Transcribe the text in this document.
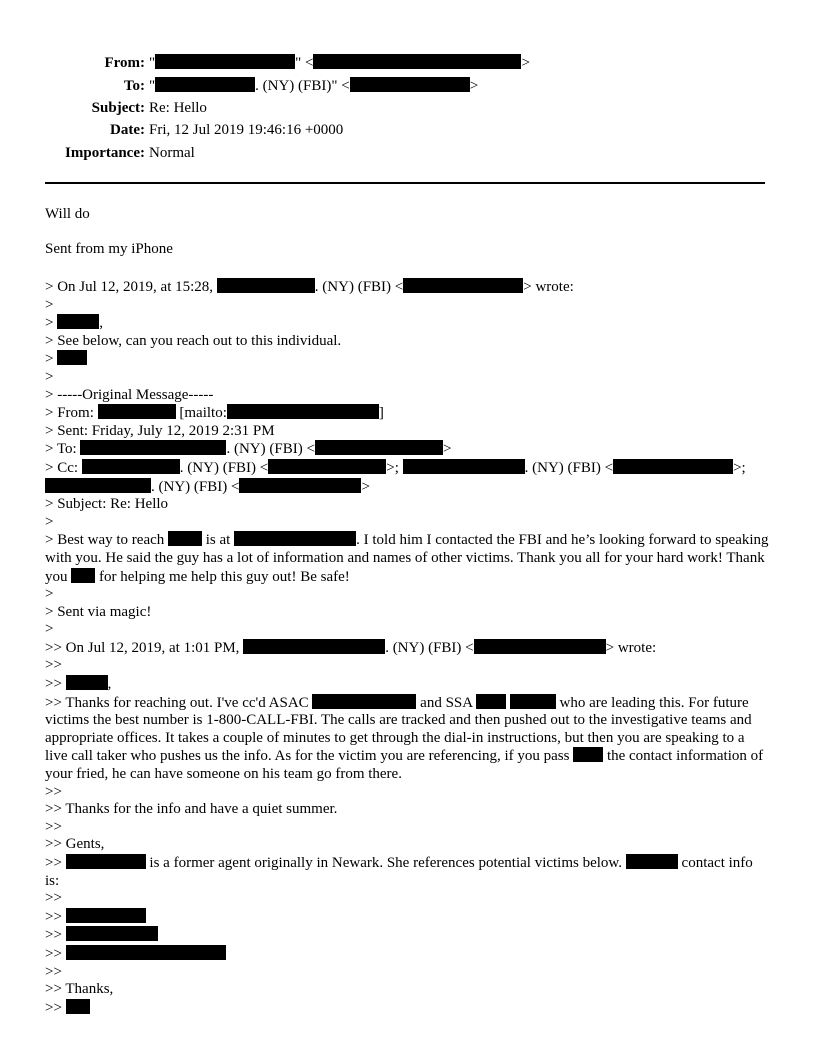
From: "	" <	>
To: "	. (NY) (FBI)" <	>
Subject: Re: Hello
Date: Fri, 12 Jul 2019 19:46:16 +0000
Importance: Normal
Will do
Sent from my iPhone
> On Jul 12, 2019, at 15:28,	. (NY) (FBI) <	> wrote:
>
>	,
> See below, can you reach out to this individual.
>
>
> -----Original Message-----
> From:	[mailto:	]
> Sent: Friday, July 12, 2019 2:31 PM
> To:	. (NY) (FBI) <	>
> Cc:	. (NY) (FBI) <	>;	. (NY) (FBI) <	>;
. (NY) (FBI) <	>
> Subject: Re: Hello
>
> Best way to reach	is at	. I told him I contacted the FBI and he’s looking forward to speaking with you. He said the guy has a lot of information and names of other victims. Thank you all for your hard work! Thank you for helping me help this guy out! Be safe!
>
> Sent via magic!
>
>> On Jul 12, 2019, at 1:01 PM,	. (NY) (FBI) <	> wrote:
>>
>>	,
>> Thanks for reaching out. I've cc'd ASAC	and SSA	who are leading this. For future victims the best number is 1-800-CALL-FBI. The calls are tracked and then pushed out to the investigative teams and appropriate offices. It takes a couple of minutes to get through the dial-in instructions, but then you are speaking to a live call taker who pushes us the info. As for the victim you are referencing, if you pass	the contact information of your fried, he can have someone on his team go from there.
>>
>> Thanks for the info and have a quiet summer.
>>
>> Gents,
>>	is a former agent originally in Newark. She references potential victims below.	contact info is:
>>
>>
>>
>>
>>
>> Thanks,
>>
